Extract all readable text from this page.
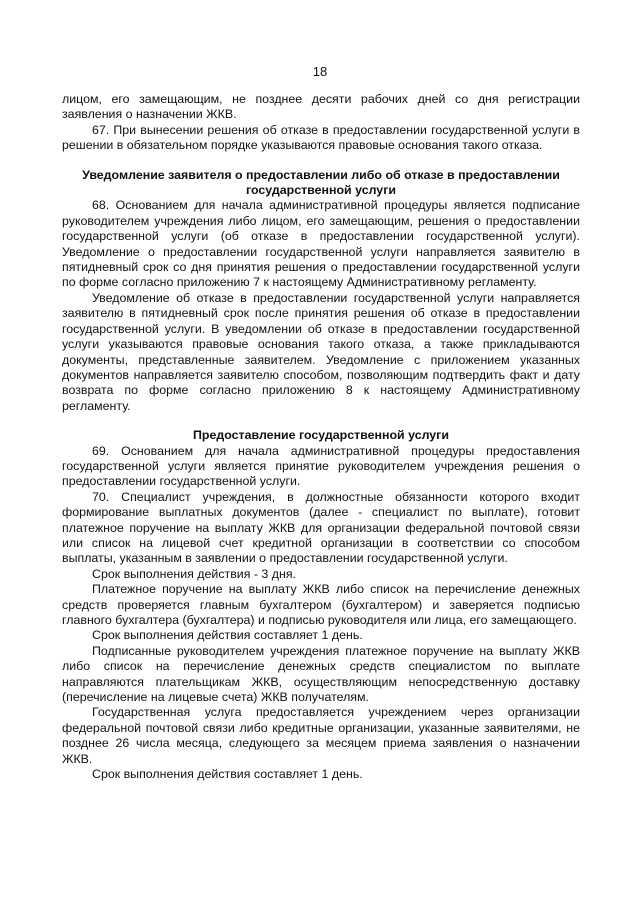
18

лицом, его замещающим, не позднее десяти рабочих дней со дня регистрации заявления о назначении ЖКВ.

67. При вынесении решения об отказе в предоставлении государственной услуги в решении в обязательном порядке указываются правовые основания такого отказа.

Уведомление заявителя о предоставлении либо об отказе в предоставлении государственной услуги

68. Основанием для начала административной процедуры является подписание руководителем учреждения либо лицом, его замещающим, решения о предоставлении государственной услуги (об отказе в предоставлении государственной услуги). Уведомление о предоставлении государственной услуги направляется заявителю в пятидневный срок со дня принятия решения о предоставлении государственной услуги по форме согласно приложению 7 к настоящему Административному регламенту.

Уведомление об отказе в предоставлении государственной услуги направляется заявителю в пятидневный срок после принятия решения об отказе в предоставлении государственной услуги. В уведомлении об отказе в предоставлении государственной услуги указываются правовые основания такого отказа, а также прикладываются документы, представленные заявителем. Уведомление с приложением указанных документов направляется заявителю способом, позволяющим подтвердить факт и дату возврата по форме согласно приложению 8 к настоящему Административному регламенту.

Предоставление государственной услуги

69. Основанием для начала административной процедуры предоставления государственной услуги является принятие руководителем учреждения решения о предоставлении государственной услуги.

70. Специалист учреждения, в должностные обязанности которого входит формирование выплатных документов (далее - специалист по выплате), готовит платежное поручение на выплату ЖКВ для организации федеральной почтовой связи или список на лицевой счет кредитной организации в соответствии со способом выплаты, указанным в заявлении о предоставлении государственной услуги.

Срок выполнения действия - 3 дня.

Платежное поручение на выплату ЖКВ либо список на перечисление денежных средств проверяется главным бухгалтером (бухгалтером) и заверяется подписью главного бухгалтера (бухгалтера) и подписью руководителя или лица, его замещающего.

Срок выполнения действия составляет 1 день.

Подписанные руководителем учреждения платежное поручение на выплату ЖКВ либо список на перечисление денежных средств специалистом по выплате направляются плательщикам ЖКВ, осуществляющим непосредственную доставку (перечисление на лицевые счета) ЖКВ получателям.

Государственная услуга предоставляется учреждением через организации федеральной почтовой связи либо кредитные организации, указанные заявителями, не позднее 26 числа месяца, следующего за месяцем приема заявления о назначении ЖКВ.

Срок выполнения действия составляет 1 день.
